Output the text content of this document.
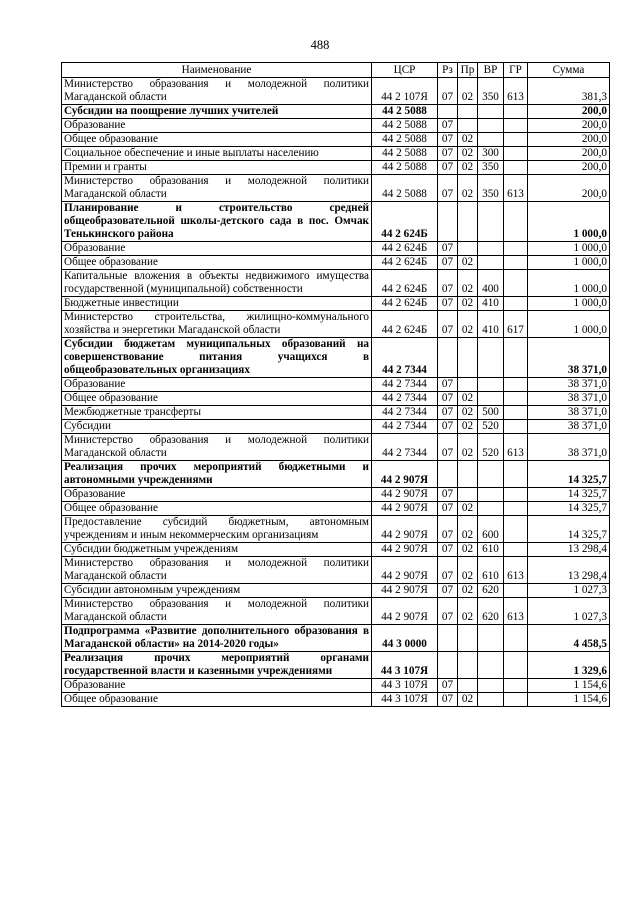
488
Наименование	ЦСР	Рз	Пр	ВР	ГР	Сумма
Министерство образования и молодежной политики Магаданской области	44 2 107Я	07	02	350	613	381,3
Субсидии на поощрение лучших учителей	44 2 5088					200,0
Образование	44 2 5088	07				200,0
Общее образование	44 2 5088	07	02			200,0
Социальное обеспечение и иные выплаты населению	44 2 5088	07	02	300		200,0
Премии и гранты	44 2 5088	07	02	350		200,0
Министерство образования и молодежной политики Магаданской области	44 2 5088	07	02	350	613	200,0
Планирование и строительство средней общеобразовательной школы-детского сада в пос. Омчак Тенькинского района	44 2 624Б					1 000,0
Образование	44 2 624Б	07				1 000,0
Общее образование	44 2 624Б	07	02			1 000,0
Капитальные вложения в объекты недвижимого имущества государственной (муниципальной) собственности	44 2 624Б	07	02	400		1 000,0
Бюджетные инвестиции	44 2 624Б	07	02	410		1 000,0
Министерство строительства, жилищно-коммунального хозяйства и энергетики Магаданской области	44 2 624Б	07	02	410	617	1 000,0
Субсидии бюджетам муниципальных образований на совершенствование питания учащихся в общеобразовательных организациях	44 2 7344					38 371,0
Образование	44 2 7344	07				38 371,0
Общее образование	44 2 7344	07	02			38 371,0
Межбюджетные трансферты	44 2 7344	07	02	500		38 371,0
Субсидии	44 2 7344	07	02	520		38 371,0
Министерство образования и молодежной политики Магаданской области	44 2 7344	07	02	520	613	38 371,0
Реализация прочих мероприятий бюджетными и автономными учреждениями	44 2 907Я					14 325,7
Образование	44 2 907Я	07				14 325,7
Общее образование	44 2 907Я	07	02			14 325,7
Предоставление субсидий бюджетным, автономным учреждениям и иным некоммерческим организациям	44 2 907Я	07	02	600		14 325,7
Субсидии бюджетным учреждениям	44 2 907Я	07	02	610		13 298,4
Министерство образования и молодежной политики Магаданской области	44 2 907Я	07	02	610	613	13 298,4
Субсидии автономным учреждениям	44 2 907Я	07	02	620		1 027,3
Министерство образования и молодежной политики Магаданской области	44 2 907Я	07	02	620	613	1 027,3
Подпрограмма «Развитие дополнительного образования в Магаданской области» на 2014-2020 годы»	44 3 0000					4 458,5
Реализация прочих мероприятий органами государственной власти и казенными учреждениями	44 3 107Я					1 329,6
Образование	44 3 107Я	07				1 154,6
Общее образование	44 3 107Я	07	02			1 154,6
